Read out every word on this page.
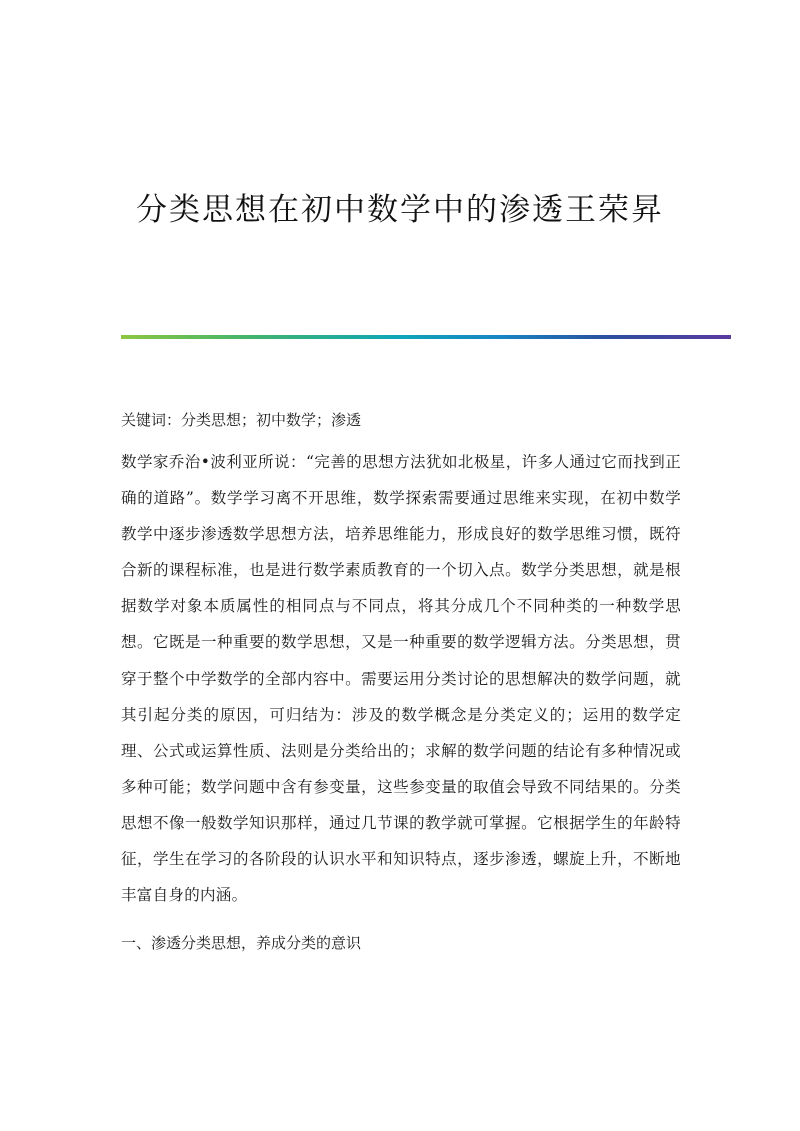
分类思想在初中数学中的渗透王荣昇

关键词：分类思想；初中数学；渗透

数学家乔治•波利亚所说：“完善的思想方法犹如北极星，许多人通过它而找到正确的道路”。数学学习离不开思维，数学探索需要通过思维来实现，在初中数学教学中逐步渗透数学思想方法，培养思维能力，形成良好的数学思维习惯，既符合新的课程标准，也是进行数学素质教育的一个切入点。数学分类思想，就是根据数学对象本质属性的相同点与不同点，将其分成几个不同种类的一种数学思想。它既是一种重要的数学思想，又是一种重要的数学逻辑方法。分类思想，贯穿于整个中学数学的全部内容中。需要运用分类讨论的思想解决的数学问题，就其引起分类的原因，可归结为：涉及的数学概念是分类定义的；运用的数学定理、公式或运算性质、法则是分类给出的；求解的数学问题的结论有多种情况或多种可能；数学问题中含有参变量，这些参变量的取值会导致不同结果的。分类思想不像一般数学知识那样，通过几节课的教学就可掌握。它根据学生的年龄特征，学生在学习的各阶段的认识水平和知识特点，逐步渗透，螺旋上升，不断地丰富自身的内涵。

一、渗透分类思想，养成分类的意识
